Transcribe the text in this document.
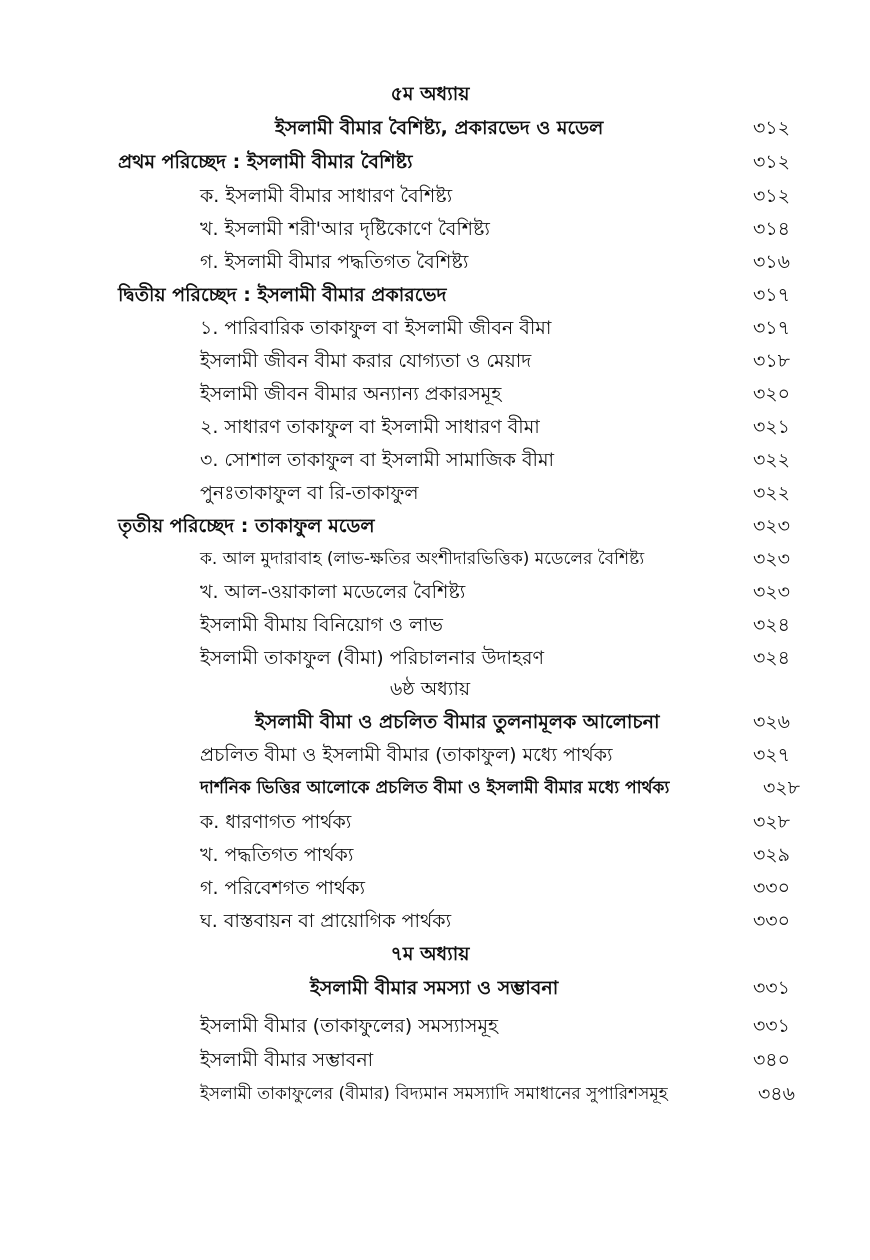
৫ম অধ্যায়
ইসলামী বীমার বৈশিষ্ট্য, প্রকারভেদ ও মডেল	৩১২
প্রথম পরিচ্ছেদ : ইসলামী বীমার বৈশিষ্ট্য	৩১২
ক. ইসলামী বীমার সাধারণ বৈশিষ্ট্য	৩১২
খ. ইসলামী শরী'আর দৃষ্টিকোণে বৈশিষ্ট্য	৩১৪
গ. ইসলামী বীমার পদ্ধতিগত বৈশিষ্ট্য	৩১৬
দ্বিতীয় পরিচ্ছেদ : ইসলামী বীমার প্রকারভেদ	৩১৭
১. পারিবারিক তাকাফুল বা ইসলামী জীবন বীমা	৩১৭
ইসলামী জীবন বীমা করার যোগ্যতা ও মেয়াদ	৩১৮
ইসলামী জীবন বীমার অন্যান্য প্রকারসমূহ	৩২০
২. সাধারণ তাকাফুল বা ইসলামী সাধারণ বীমা	৩২১
৩. সোশাল তাকাফুল বা ইসলামী সামাজিক বীমা	৩২২
পুনঃতাকাফুল বা রি-তাকাফুল	৩২২
তৃতীয় পরিচ্ছেদ : তাকাফুল মডেল	৩২৩
ক. আল মুদারাবাহ (লাভ-ক্ষতির অংশীদারভিত্তিক) মডেলের বৈশিষ্ট্য	৩২৩
খ. আল-ওয়াকালা মডেলের বৈশিষ্ট্য	৩২৩
ইসলামী বীমায় বিনিয়োগ ও লাভ	৩২৪
ইসলামী তাকাফুল (বীমা) পরিচালনার উদাহরণ	৩২৪
৬ষ্ঠ অধ্যায়
ইসলামী বীমা ও প্রচলিত বীমার তুলনামূলক আলোচনা	৩২৬
প্রচলিত বীমা ও ইসলামী বীমার (তাকাফুল) মধ্যে পার্থক্য	৩২৭
দার্শনিক ভিত্তির আলোকে প্রচলিত বীমা ও ইসলামী বীমার মধ্যে পার্থক্য	৩২৮
ক. ধারণাগত পার্থক্য	৩২৮
খ. পদ্ধতিগত পার্থক্য	৩২৯
গ. পরিবেশগত পার্থক্য	৩৩০
ঘ. বাস্তবায়ন বা প্রায়োগিক পার্থক্য	৩৩০
৭ম অধ্যায়
ইসলামী বীমার সমস্যা ও সম্ভাবনা	৩৩১
ইসলামী বীমার (তাকাফুলের) সমস্যাসমূহ	৩৩১
ইসলামী বীমার সম্ভাবনা	৩৪০
ইসলামী তাকাফুলের (বীমার) বিদ্যমান সমস্যাদি সমাধানের সুপারিশসমূহ	৩৪৬
